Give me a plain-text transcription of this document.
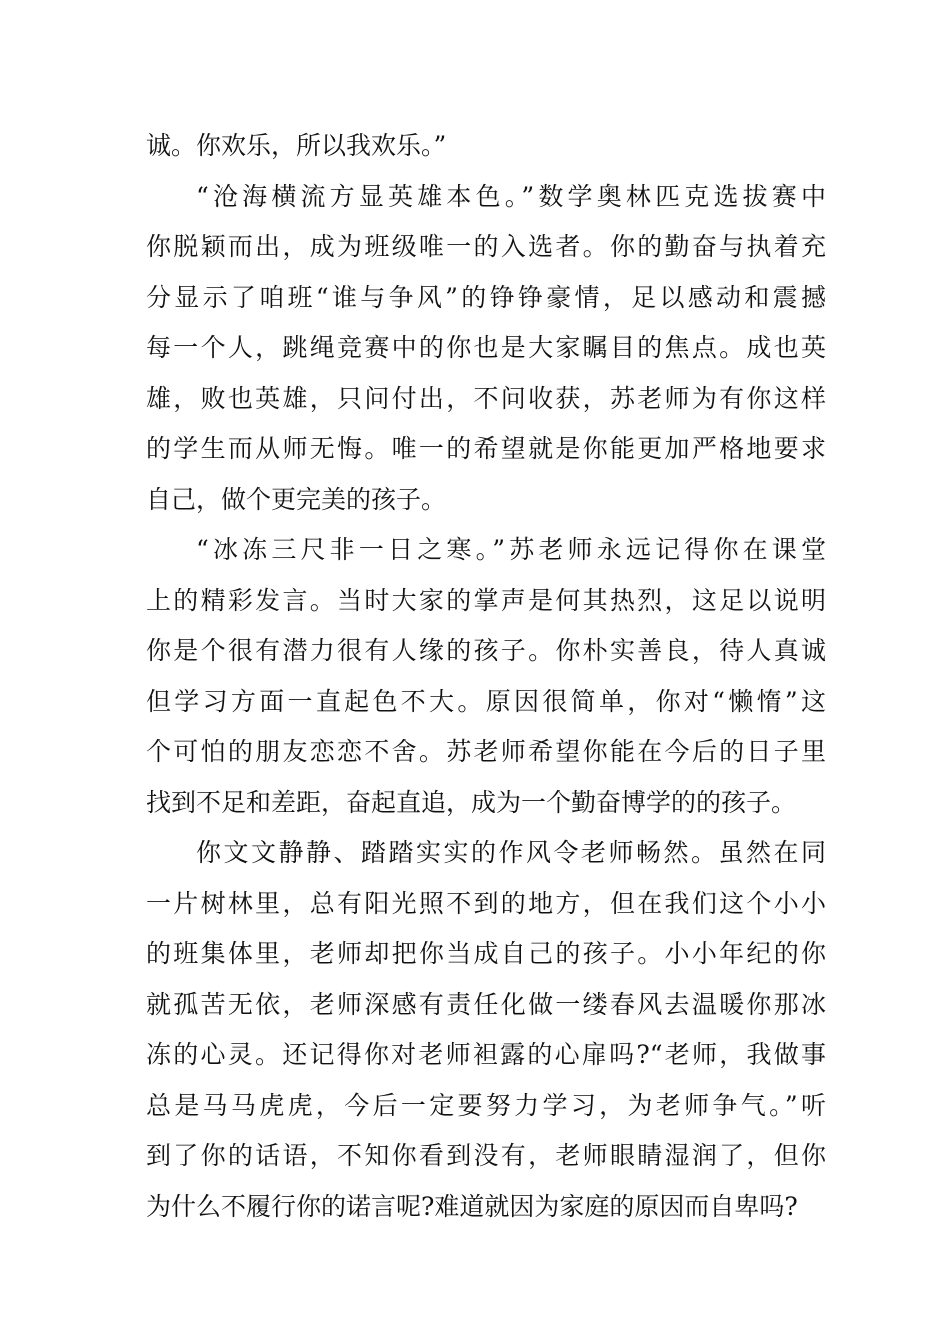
诚。你欢乐，所以我欢乐。”
“沧海横流方显英雄本色。”数学奥林匹克选拔赛中
你脱颖而出，成为班级唯一的入选者。你的勤奋与执着充
分显示了咱班“谁与争风”的铮铮豪情，足以感动和震撼
每一个人，跳绳竞赛中的你也是大家瞩目的焦点。成也英
雄，败也英雄，只问付出，不问收获，苏老师为有你这样
的学生而从师无悔。唯一的希望就是你能更加严格地要求
自己，做个更完美的孩子。
“冰冻三尺非一日之寒。”苏老师永远记得你在课堂
上的精彩发言。当时大家的掌声是何其热烈，这足以说明
你是个很有潜力很有人缘的孩子。你朴实善良，待人真诚
但学习方面一直起色不大。原因很简单，你对“懒惰”这
个可怕的朋友恋恋不舍。苏老师希望你能在今后的日子里
找到不足和差距，奋起直追，成为一个勤奋博学的的孩子。
你文文静静、踏踏实实的作风令老师畅然。虽然在同
一片树林里，总有阳光照不到的地方，但在我们这个小小
的班集体里，老师却把你当成自己的孩子。小小年纪的你
就孤苦无依，老师深感有责任化做一缕春风去温暖你那冰
冻的心灵。还记得你对老师袒露的心扉吗?“老师，我做事
总是马马虎虎，今后一定要努力学习，为老师争气。”听
到了你的话语，不知你看到没有，老师眼睛湿润了，但你
为什么不履行你的诺言呢?难道就因为家庭的原因而自卑吗?
